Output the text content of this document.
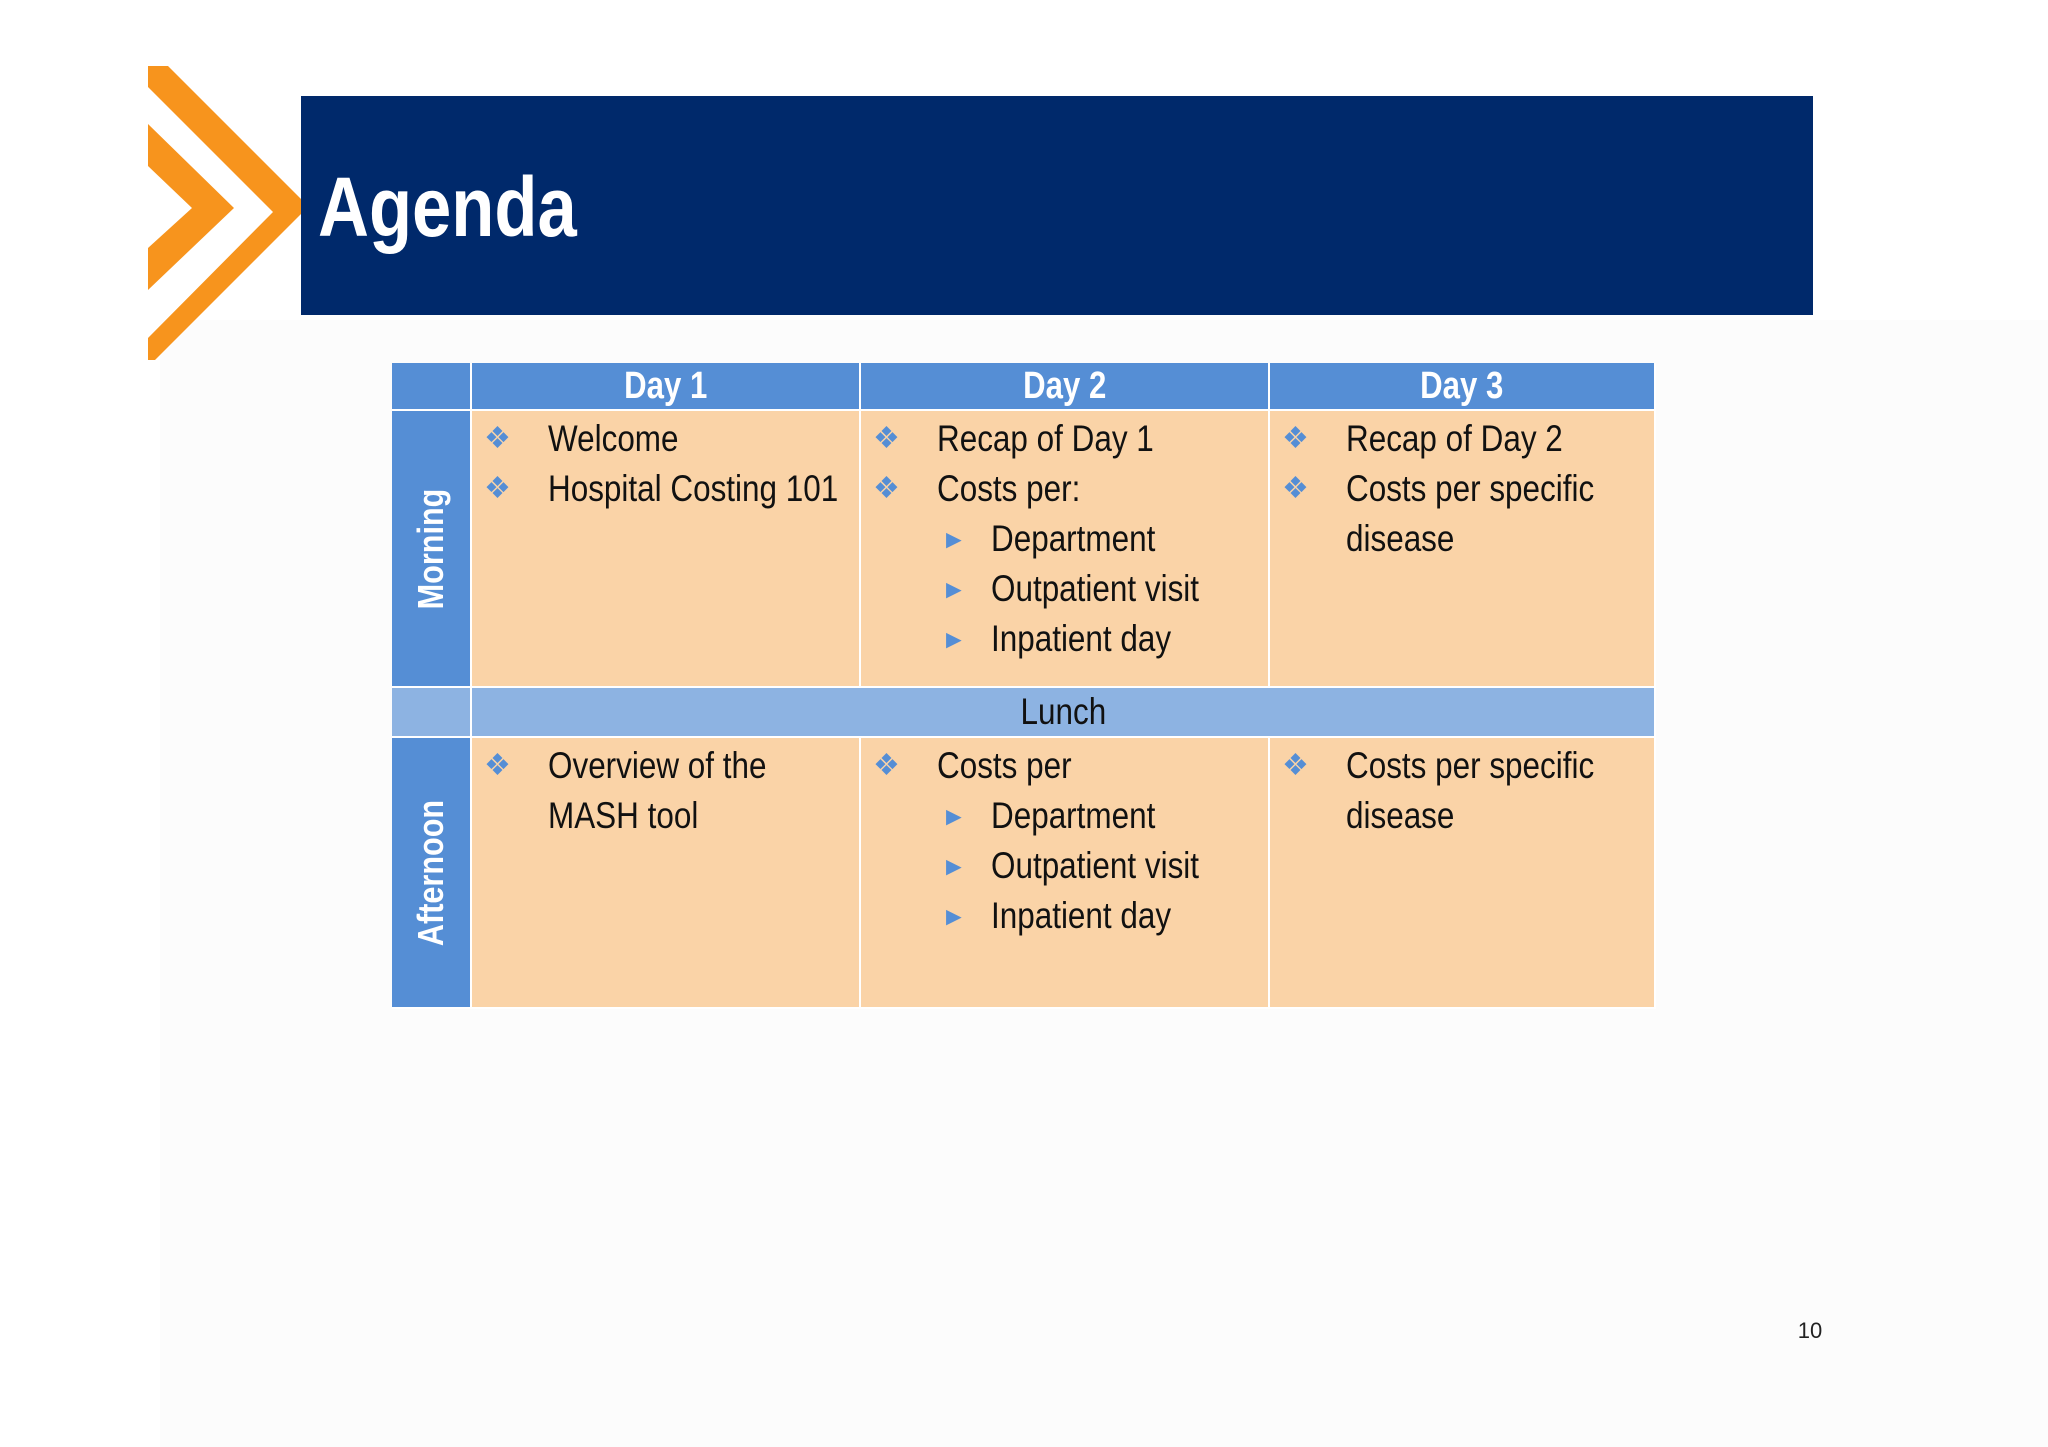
Agenda
Day 1	Day 2	Day 3
Morning
❖ Welcome
❖ Hospital Costing 101
❖ Recap of Day 1
❖ Costs per:
► Department
► Outpatient visit
► Inpatient day
❖ Recap of Day 2
❖ Costs per specific
disease
Lunch
Afternoon
❖ Overview of the
MASH tool
❖ Costs per
► Department
► Outpatient visit
► Inpatient day
❖ Costs per specific
disease
10
